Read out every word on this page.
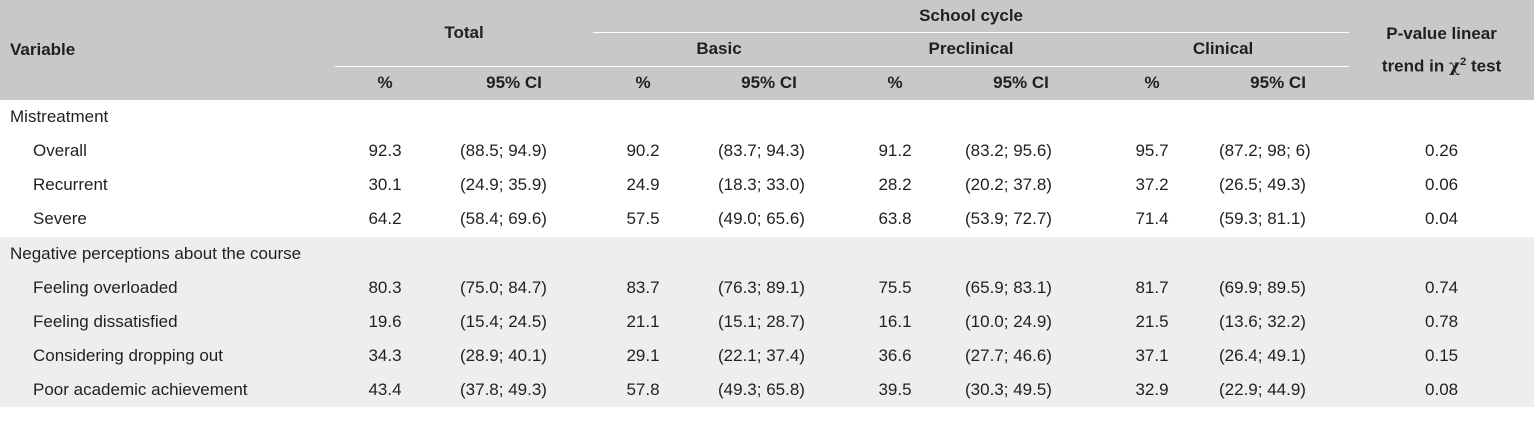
Variable	Total		School cycle						P-value linear
trend in $\chi^2$ test

			Basic		Preclinical		Clinical		
	%	95% CI	%	95% CI	%	95% CI	%	95% CI	
Mistreatment									
Overall	92.3	(88.5; 94.9)	90.2	(83.7; 94.3)	91.2	(83.2; 95.6)	95.7	(87.2; 98; 6)	0.26
Recurrent	30.1	(24.9; 35.9)	24.9	(18.3; 33.0)	28.2	(20.2; 37.8)	37.2	(26.5; 49.3)	0.06
Severe	64.2	(58.4; 69.6)	57.5	(49.0; 65.6)	63.8	(53.9; 72.7)	71.4	(59.3; 81.1)	0.04
Negative perceptions about the course									
Feeling overloaded	80.3	(75.0; 84.7)	83.7	(76.3; 89.1)	75.5	(65.9; 83.1)	81.7	(69.9; 89.5)	0.74
Feeling dissatisfied	19.6	(15.4; 24.5)	21.1	(15.1; 28.7)	16.1	(10.0; 24.9)	21.5	(13.6; 32.2)	0.78
Considering dropping out	34.3	(28.9; 40.1)	29.1	(22.1; 37.4)	36.6	(27.7; 46.6)	37.1	(26.4; 49.1)	0.15
Poor academic achievement	43.4	(37.8; 49.3)	57.8	(49.3; 65.8)	39.5	(30.3; 49.5)	32.9	(22.9; 44.9)	0.08
